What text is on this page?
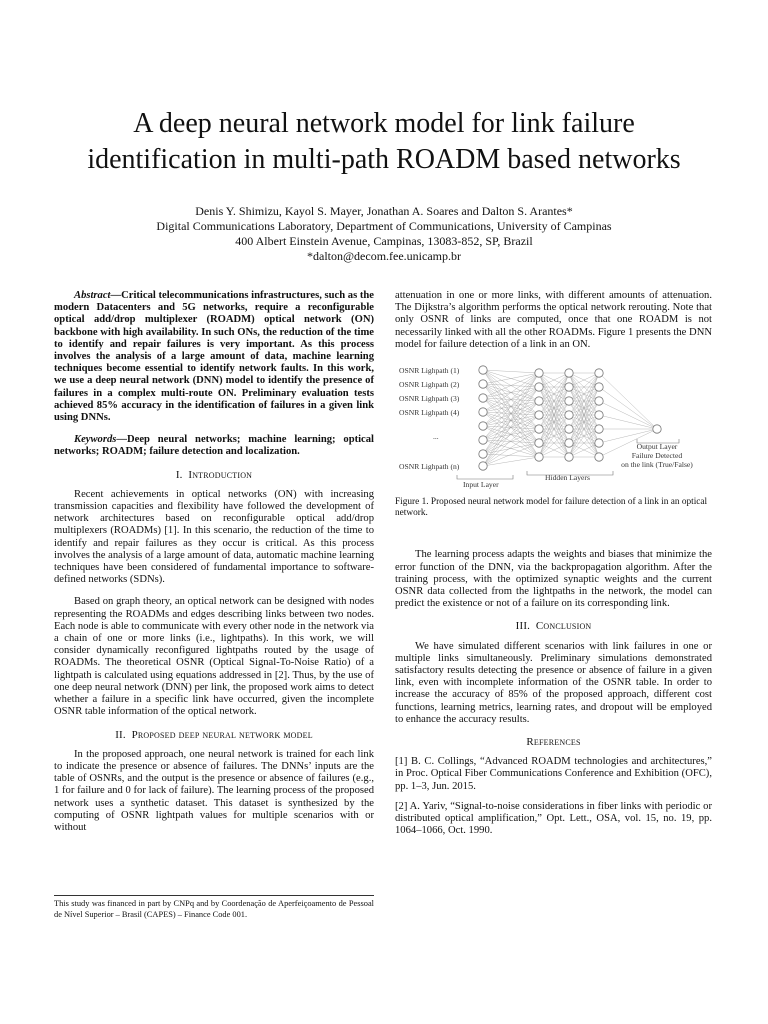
A deep neural network model for link failure
identification in multi-path ROADM based networks
Denis Y. Shimizu, Kayol S. Mayer, Jonathan A. Soares and Dalton S. Arantes*
Digital Communications Laboratory, Department of Communications, University of Campinas
400 Albert Einstein Avenue, Campinas, 13083-852, SP, Brazil
*dalton@decom.fee.unicamp.br

Abstract—Critical telecommunications infrastructures, such as the modern Datacenters and 5G networks, require a reconfigurable optical add/drop multiplexer (ROADM) optical network (ON) backbone with high availability. In such ONs, the reduction of the time to identify and repair failures is very important. As this process involves the analysis of a large amount of data, machine learning techniques become essential to identify network faults. In this work, we use a deep neural network (DNN) model to identify the presence of failures in a complex multi-route ON. Preliminary evaluation tests achieved 85% accuracy in the identification of failures in a given link using DNNs.

Keywords—Deep neural networks; machine learning; optical networks; ROADM; failure detection and localization.

I. Introduction

Recent achievements in optical networks (ON) with increasing transmission capacities and flexibility have followed the development of network architectures based on reconfigurable optical add/drop multiplexers (ROADMs) [1]. In this scenario, the reduction of the time to identify and repair failures as they occur is critical. As this process involves the analysis of a large amount of data, automatic machine learning techniques have been considered of fundamental importance to software-defined networks (SDNs).

Based on graph theory, an optical network can be designed with nodes representing the ROADMs and edges describing links between two nodes. Each node is able to communicate with every other node in the network via a chain of one or more links (i.e., lightpaths). In this work, we will consider dynamically reconfigured lightpaths routed by the usage of ROADMs. The theoretical OSNR (Optical Signal-To-Noise Ratio) of a lightpath is calculated using equations addressed in [2]. Thus, by the use of one deep neural network (DNN) per link, the proposed work aims to detect whether a failure in a specific link have occurred, given the incomplete OSNR table information of the optical network.

II. Proposed deep neural network model

In the proposed approach, one neural network is trained for each link to indicate the presence or absence of failures. The DNNs’ inputs are the table of OSNRs, and the output is the presence or absence of failures (e.g., 1 for failure and 0 for lack of failure). The learning process of the proposed network uses a synthetic dataset. This dataset is synthesized by the computing of OSNR lightpath values for multiple scenarios with or without

attenuation in one or more links, with different amounts of attenuation. The Dijkstra’s algorithm performs the optical network rerouting. Note that only OSNR of links are computed, once that one ROADM is not necessarily linked with all the other ROADMs. Figure 1 presents the DNN model for failure detection of a link in an ON.

OSNR Lighpath (1)
OSNR Lighpath (2)
OSNR Lighpath (3)
OSNR Lighpath (4)
...
OSNR Lighpath (n)
Input Layer
Hidden Layers
Output Layer
Failure Detected
on the link (True/False)
Figure 1. Proposed neural network model for failure detection of a link in an optical network.

The learning process adapts the weights and biases that minimize the error function of the DNN, via the backpropagation algorithm. After the training process, with the optimized synaptic weights and the current OSNR data collected from the lightpaths in the network, the model can predict the existence or not of a failure on its corresponding link.

III. Conclusion

We have simulated different scenarios with link failures in one or multiple links simultaneously. Preliminary simulations demonstrated satisfactory results detecting the presence or absence of failure in a given link, even with incomplete information of the OSNR table. In order to increase the accuracy of 85% of the proposed approach, different cost functions, learning metrics, learning rates, and dropout will be employed to enhance the accuracy results.

References

[1] B. C. Collings, “Advanced ROADM technologies and architectures,” in Proc. Optical Fiber Communications Conference and Exhibition (OFC), pp. 1–3, Jun. 2015.

[2] A. Yariv, “Signal-to-noise considerations in fiber links with periodic or distributed optical amplification,” Opt. Lett., OSA, vol. 15, no. 19, pp. 1064–1066, Oct. 1990.

This study was financed in part by CNPq and by Coordenação de Aperfeiçoamento de Pessoal de Nível Superior – Brasil (CAPES) – Finance Code 001.
